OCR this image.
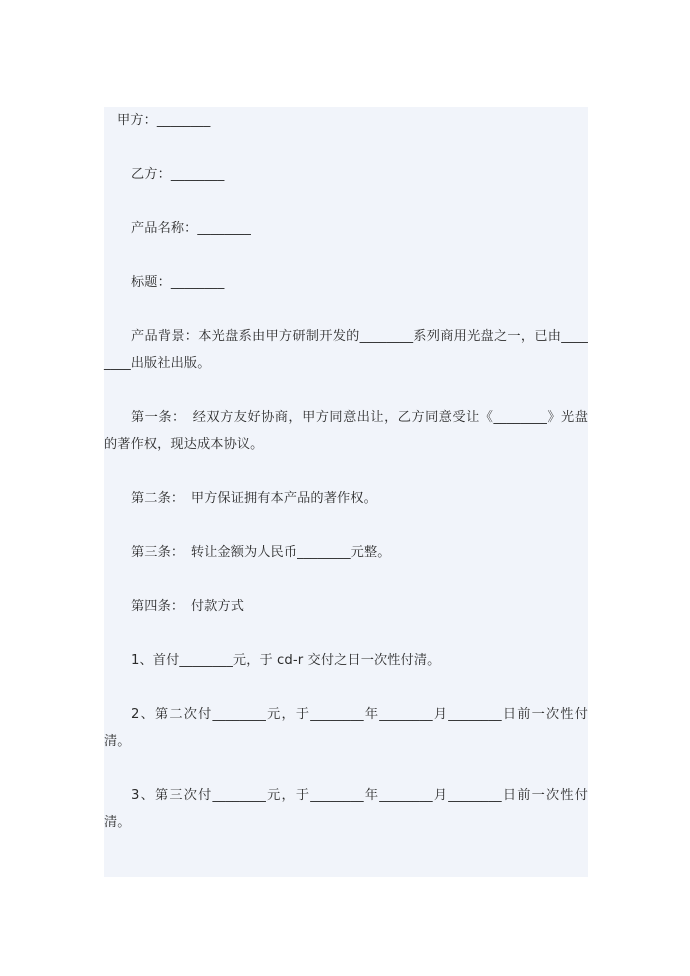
甲方：________

乙方：________

产品名称：________

标题：________

产品背景：本光盘系由甲方研制开发的________系列商用光盘之一，已由________出版社出版。

第一条：　经双方友好协商，甲方同意出让，乙方同意受让《________》光盘的著作权，现达成本协议。

第二条：　甲方保证拥有本产品的著作权。

第三条：　转让金额为人民币________元整。

第四条：　付款方式

1、首付________元，于 cd-r 交付之日一次性付清。

2、第二次付________元，于________年________月________日前一次性付清。

3、第三次付________元，于________年________月________日前一次性付清。
